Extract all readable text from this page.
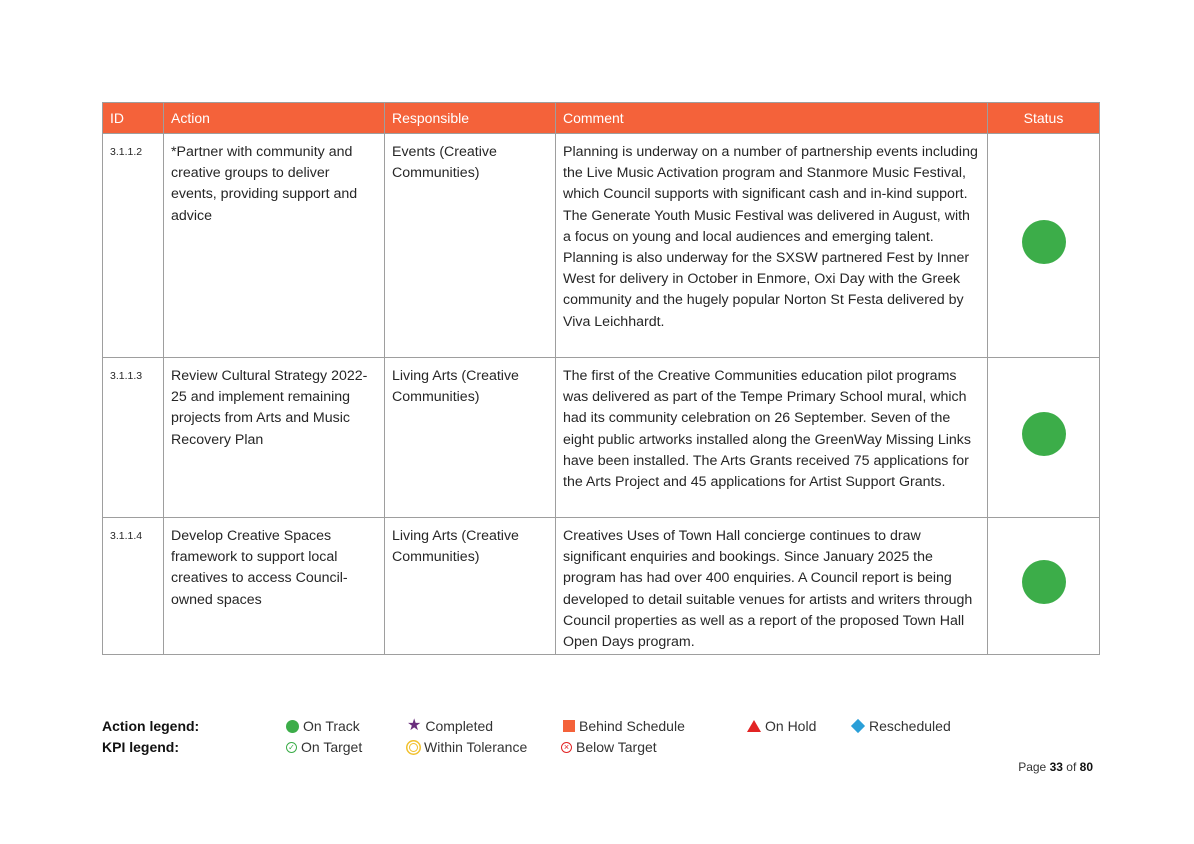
ID	Action	Responsible	Comment	Status
3.1.1.2	*Partner with community and creative groups to deliver events, providing support and advice	Events (Creative Communities)	Planning is underway on a number of partnership events including the Live Music Activation program and Stanmore Music Festival, which Council supports with significant cash and in-kind support. The Generate Youth Music Festival was delivered in August, with a focus on young and local audiences and emerging talent. Planning is also underway for the SXSW partnered Fest by Inner West for delivery in October in Enmore, Oxi Day with the Greek community and the hugely popular Norton St Festa delivered by Viva Leichhardt.	
3.1.1.3	Review Cultural Strategy 2022-25 and implement remaining projects from Arts and Music Recovery Plan	Living Arts (Creative Communities)	The first of the Creative Communities education pilot programs was delivered as part of the Tempe Primary School mural, which had its community celebration on 26 September. Seven of the eight public artworks installed along the GreenWay Missing Links have been installed. The Arts Grants received 75 applications for the Arts Project and 45 applications for Artist Support Grants.	
3.1.1.4	Develop Creative Spaces framework to support local creatives to access Council-owned spaces	Living Arts (Creative Communities)	Creatives Uses of Town Hall concierge continues to draw significant enquiries and bookings. Since January 2025 the program has had over 400 enquiries. A Council report is being developed to detail suitable venues for artists and writers through Council properties as well as a report of the proposed Town Hall Open Days program.	
Action legend:	On Track	★ Completed	Behind Schedule	On Hold	Rescheduled
KPI legend:	✓ On Target	Within Tolerance	× Below Target
Page 33 of 80
